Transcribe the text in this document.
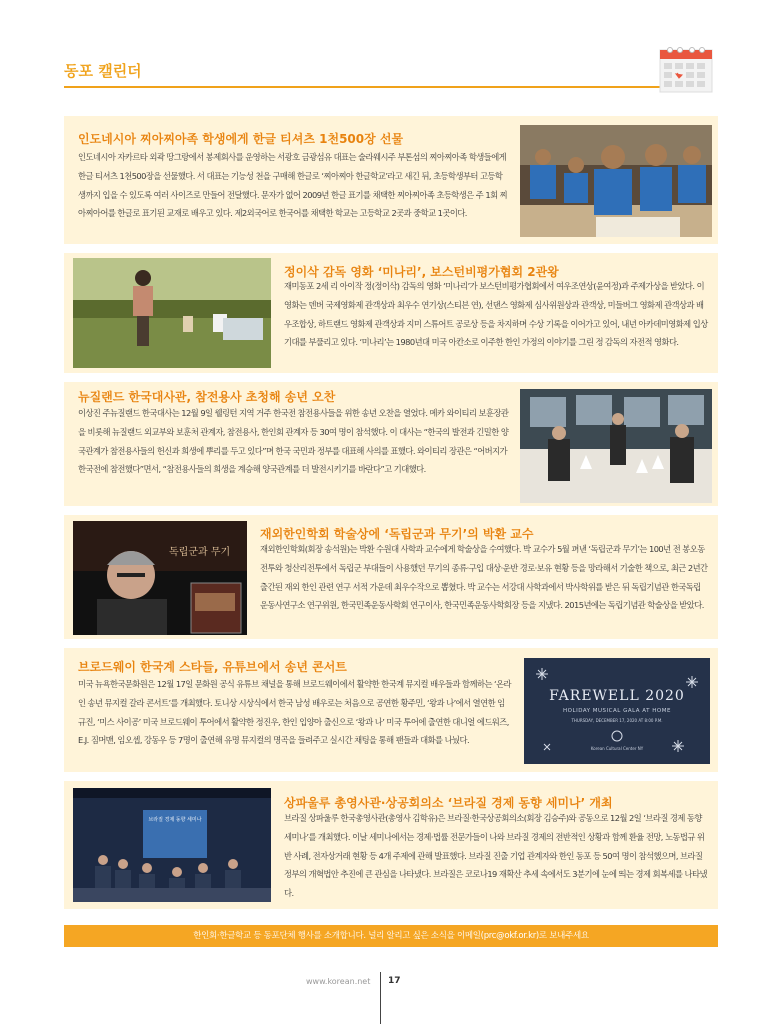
동포 캘린더
인도네시아 찌아찌아족 학생에게 한글 티셔츠 1천500장 선물

인도네시아 자카르타 외곽 땅그랑에서 봉제회사를 운영하는 서광호 금광섬유 대표는 술라웨시주 부톤섬의 찌아찌아족 학생들에게 한글 티셔츠 1천500장을 선물했다. 서 대표는 기능성 천을 구매해 한글로 ‘찌아찌아 한글학교’라고 새긴 뒤, 초등학생부터 고등학생까지 입을 수 있도록 여러 사이즈로 만들어 전달했다. 문자가 없어 2009년 한글 표기를 채택한 찌아찌아족 초등학생은 주 1회 찌아찌아어를 한글로 표기된 교재로 배우고 있다. 제2외국어로 한국어를 채택한 학교는 고등학교 2곳과 중학교 1곳이다.

정이삭 감독 영화 ‘미나리’, 보스턴비평가협회 2관왕

재미동포 2세 리 아이작 정(정이삭) 감독의 영화 ‘미나리’가 보스턴비평가협회에서 여우조연상(윤여정)과 주제가상을 받았다. 이 영화는 덴버 국제영화제 관객상과 최우수 연기상(스티븐 연), 선댄스 영화제 심사위원상과 관객상, 미들버그 영화제 관객상과 배우조합상, 하트랜드 영화제 관객상과 지미 스튜어트 공로상 등을 차지하며 수상 기록을 이어가고 있어, 내년 아카데미영화제 입상 기대를 부풀리고 있다. ‘미나리’는 1980년대 미국 아칸소로 이주한 한인 가정의 이야기를 그린 정 감독의 자전적 영화다.

뉴질랜드 한국대사관, 참전용사 초청해 송년 오찬

이상진 주뉴질랜드 한국대사는 12월 9일 웰링턴 지역 거주 한국전 참전용사들을 위한 송년 오찬을 열었다. 메카 와이티리 보훈장관을 비롯해 뉴질랜드 외교부와 보훈처 관계자, 참전용사, 한인회 관계자 등 30여 명이 참석했다. 이 대사는 “한국의 발전과 긴밀한 양국관계가 참전용사들의 헌신과 희생에 뿌리를 두고 있다”며 한국 국민과 정부를 대표해 사의를 표했다. 와이티리 장관은 “어버지가 한국전에 참전했다”면서, “참전용사들의 희생을 계승해 양국관계를 더 발전시키기를 바란다”고 기대했다.

독립군과 무기
재외한인학회 학술상에 ‘독립군과 무기’의 박환 교수

재외한인학회(회장 송석원)는 박환 수원대 사학과 교수에게 학술상을 수여했다. 박 교수가 5월 펴낸 ‘독립군과 무기’는 100년 전 봉오동전투와 청산리전투에서 독립군 부대들이 사용했던 무기의 종류·구입 대상·운반 경로·보유 현황 등을 망라해서 기술한 책으로, 최근 2년간 출간된 재외 한인 관련 연구 서적 가운데 최우수작으로 뽑혔다. 박 교수는 서강대 사학과에서 박사학위를 받은 뒤 독립기념관 한국독립운동사연구소 연구위원, 한국민족운동사학회 연구이사, 한국민족운동사학회장 등을 지냈다. 2015년에는 독립기념관 학술상을 받았다.

브로드웨이 한국계 스타들, 유튜브에서 송년 콘서트

미국 뉴욕한국문화원은 12월 17일 문화원 공식 유튜브 채널을 통해 브로드웨이에서 활약한 한국계 뮤지컬 배우들과 함께하는 ‘온라인 송년 뮤지컬 갈라 콘서트’를 개최했다. 토니상 시상식에서 한국 남성 배우로는 처음으로 공연한 황주민, ‘왕과 나’에서 열연한 임규진, ‘미스 사이공’ 미국 브로드웨이 투어에서 활약한 정진우, 한인 입양아 출신으로 ‘왕과 나’ 미국 투어에 출연한 대니얼 에드워즈, E.J. 짐머맨, 임오셉, 강동우 등 7명이 출연해 유명 뮤지컬의 명곡을 들려주고 실시간 채팅을 통해 팬들과 대화를 나눴다.

FAREWELL 2020
HOLIDAY MUSICAL GALA AT HOME
THURSDAY, DECEMBER 17, 2020 AT 8:00 P.M.
Korean Cultural Center NY
브라질 경제 동향 세미나
상파울루 총영사관·상공회의소 ‘브라질 경제 동향 세미나’ 개최

브라질 상파울루 한국총영사관(총영사 김학유)은 브라질·한국상공회의소(회장 김승주)와 공동으로 12월 2일 ‘브라질 경제 동향 세미나’를 개최했다. 이날 세미나에서는 경제·법률 전문가들이 나와 브라질 경제의 전반적인 상황과 함께 환율 전망, 노동법규 위반 사례, 전자상거래 현황 등 4개 주제에 관해 발표했다. 브라질 진출 기업 관계자와 한인 동포 등 50여 명이 참석했으며, 브라질 정부의 개혁법안 추진에 큰 관심을 나타냈다. 브라질은 코로나19 재확산 추세 속에서도 3분기에 눈에 띄는 경제 회복세를 나타냈다.

한인회·한글학교 등 동포단체 행사를 소개합니다. 널리 알리고 싶은 소식을 이메일(prc@okf.or.kr)로 보내주세요
www.korean.net 17
